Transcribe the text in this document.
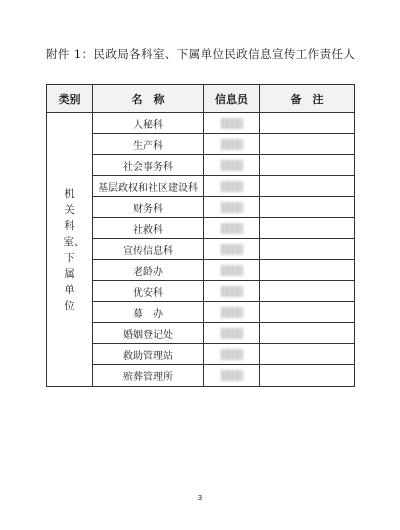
附件 1：民政局各科室、下属单位民政信息宣传工作责任人
类别	名　称	信息员	备　注
机关科室、下属单位	人秘科		
	生产科		
	社会事务科		
	基层政权和社区建设科		
	财务科		
	社救科		
	宣传信息科		
	老龄办		
	优安科		
	募　办		
	婚姻登记处		
	救助管理站		
	殡葬管理所		
3
